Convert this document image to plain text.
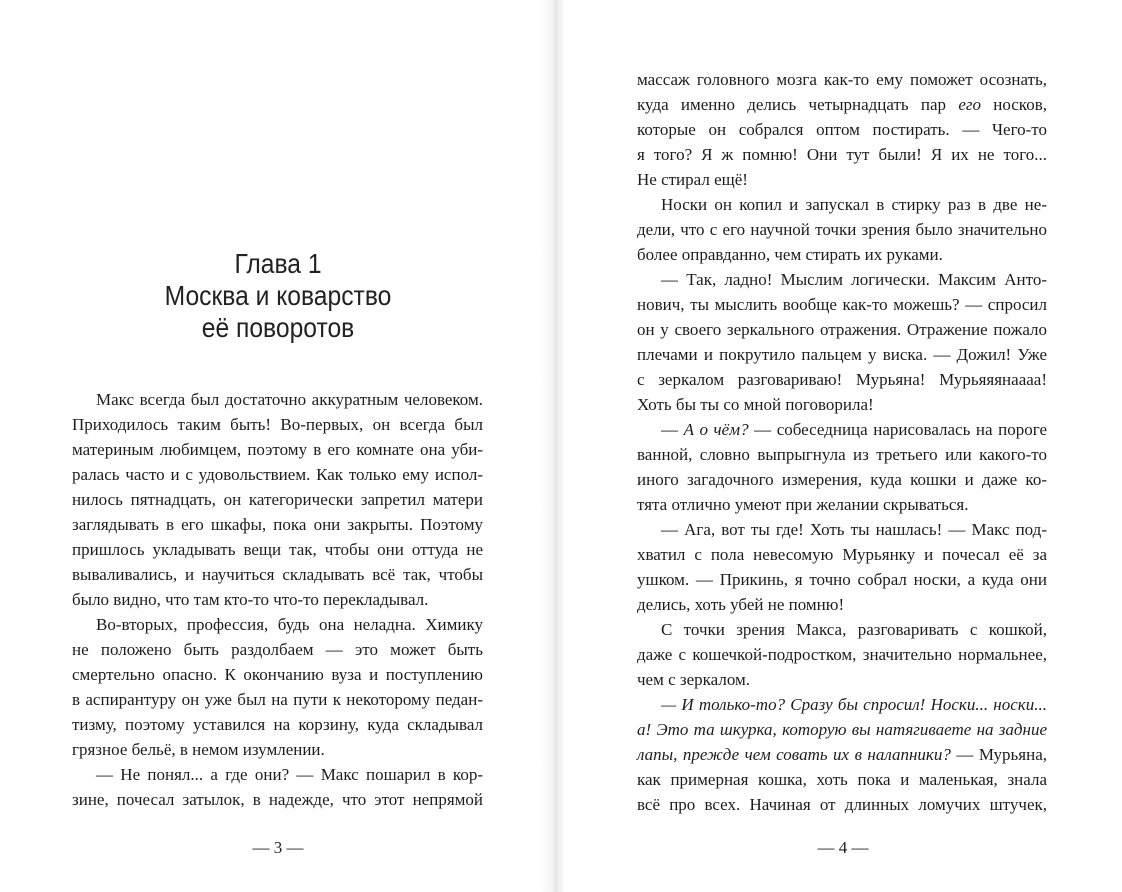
Глава 1
Москва и коварство
её поворотов
Макс всегда был достаточно аккуратным человеком.
Приходилось таким быть! Во-первых, он всегда был
материным любимцем, поэтому в его комнате она уби-
ралась часто и с удовольствием. Как только ему испол-
нилось пятнадцать, он категорически запретил матери
заглядывать в его шкафы, пока они закрыты. Поэтому
пришлось укладывать вещи так, чтобы они оттуда не
вываливались, и научиться складывать всё так, чтобы
было видно, что там кто-то что-то перекладывал.
Во-вторых, профессия, будь она неладна. Химику
не положено быть раздолбаем — это может быть
смертельно опасно. К окончанию вуза и поступлению
в аспирантуру он уже был на пути к некоторому педан-
тизму, поэтому уставился на корзину, куда складывал
грязное бельё, в немом изумлении.
— Не понял... а где они? — Макс пошарил в кор-
зине, почесал затылок, в надежде, что этот непрямой
— 3 —
массаж головного мозга как-то ему поможет осознать,
куда именно делись четырнадцать пар его носков,
которые он собрался оптом постирать. — Чего-то
я того? Я ж помню! Они тут были! Я их не того...
Не стирал ещё!
Носки он копил и запускал в стирку раз в две не-
дели, что с его научной точки зрения было значительно
более оправданно, чем стирать их руками.
— Так, ладно! Мыслим логически. Максим Анто-
нович, ты мыслить вообще как-то можешь? — спросил
он у своего зеркального отражения. Отражение пожало
плечами и покрутило пальцем у виска. — Дожил! Уже
с зеркалом разговариваю! Мурьяна! Мурьяяянаааа!
Хоть бы ты со мной поговорила!
— А о чём? — собеседница нарисовалась на пороге
ванной, словно выпрыгнула из третьего или какого-то
иного загадочного измерения, куда кошки и даже ко-
тята отлично умеют при желании скрываться.
— Ага, вот ты где! Хоть ты нашлась! — Макс под-
хватил с пола невесомую Мурьянку и почесал её за
ушком. — Прикинь, я точно собрал носки, а куда они
делись, хоть убей не помню!
С точки зрения Макса, разговаривать с кошкой,
даже с кошечкой-подростком, значительно нормальнее,
чем с зеркалом.
— И только-то? Сразу бы спросил! Носки... носки...
а! Это та шкурка, которую вы натягиваете на задние
лапы, прежде чем совать их в налапники? — Мурьяна,
как примерная кошка, хоть пока и маленькая, знала
всё про всех. Начиная от длинных ломучих штучек,
— 4 —
